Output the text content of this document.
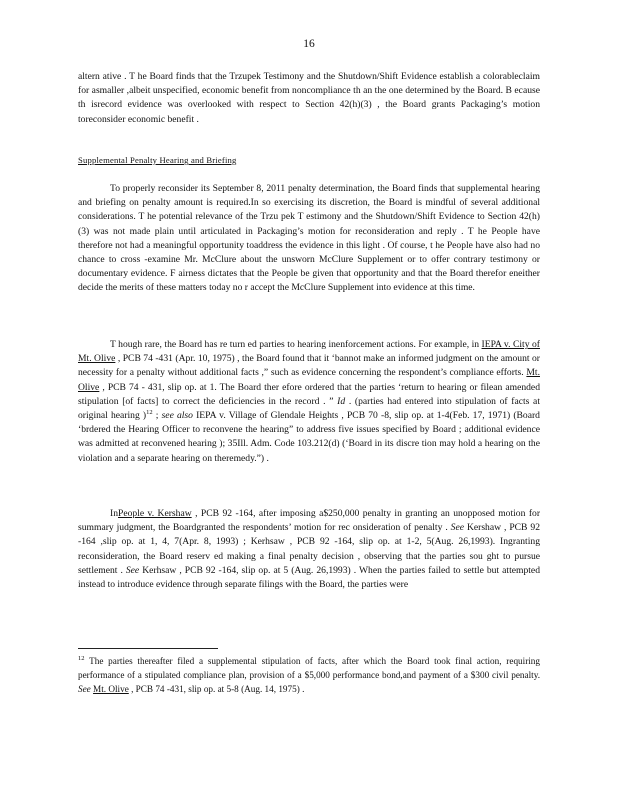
16

altern ative . T he Board finds that the Trzupek Testimony and the Shutdown/Shift Evidence establish a colorableclaim for asmaller ,albeit unspecified, economic benefit from noncompliance th an the one determined by the Board. B ecause th isrecord evidence was overlooked with respect to Section 42(h)(3) , the Board grants Packaging’s motion toreconsider economic benefit .

Supplemental Penalty Hearing and Briefing

To properly reconsider its September 8, 2011 penalty determination, the Board finds that supplemental hearing and briefing on penalty amount is required.In so exercising its discretion, the Board is mindful of several additional considerations. T he potential relevance of the Trzu pek T estimony and the Shutdown/Shift Evidence to Section 42(h)(3) was not made plain until articulated in Packaging’s motion for reconsideration and reply . T he People have therefore not had a meaningful opportunity toaddress the evidence in this light . Of course, t he People have also had no chance to cross -examine Mr. McClure about the unsworn McClure Supplement or to offer contrary testimony or documentary evidence. F airness dictates that the People be given that opportunity and that the Board therefor eneither decide the merits of these matters today no r accept the McClure Supplement into evidence at this time.

T hough rare, the Board has re turn ed parties to hearing inenforcement actions. For example, in IEPA v. City of Mt. Olive , PCB 74 -431 (Apr. 10, 1975) , the Board found that it ‘bannot make an informed judgment on the amount or necessity for a penalty without additional facts ,” such as evidence concerning the respondent’s compliance efforts. Mt. Olive , PCB 74 - 431, slip op. at 1. The Board ther efore ordered that the parties ‘return to hearing or filean amended stipulation [of facts] to correct the deficiencies in the record . ” Id . (parties had entered into stipulation of facts at original hearing )$^{12}$ ; see also IEPA v. Village of Glendale Heights , PCB 70 -8, slip op. at 1-4(Feb. 17, 1971) (Board ‘brdered the Hearing Officer to reconvene the hearing” to address five issues specified by Board ; additional evidence was admitted at reconvened hearing ); 35Ill. Adm. Code 103.212(d) (‘Board in its discre tion may hold a hearing on the violation and a separate hearing on theremedy.”) .

InPeople v. Kershaw , PCB 92 -164, after imposing a$250,000 penalty in granting an unopposed motion for summary judgment, the Boardgranted the respondents’ motion for rec onsideration of penalty . See Kershaw , PCB 92 -164 ,slip op. at 1, 4, 7(Apr. 8, 1993) ; Kerhsaw , PCB 92 -164, slip op. at 1-2, 5(Aug. 26,1993). Ingranting reconsideration, the Board reserv ed making a final penalty decision , observing that the parties sou ght to pursue settlement . See Kerhsaw , PCB 92 -164, slip op. at 5 (Aug. 26,1993) . When the parties failed to settle but attempted instead to introduce evidence through separate filings with the Board, the parties were

$^{12}$ The parties thereafter filed a supplemental stipulation of facts, after which the Board took final action, requiring performance of a stipulated compliance plan, provision of a $5,000 performance bond,and payment of a $300 civil penalty. See Mt. Olive , PCB 74 -431, slip op. at 5-8 (Aug. 14, 1975) .
